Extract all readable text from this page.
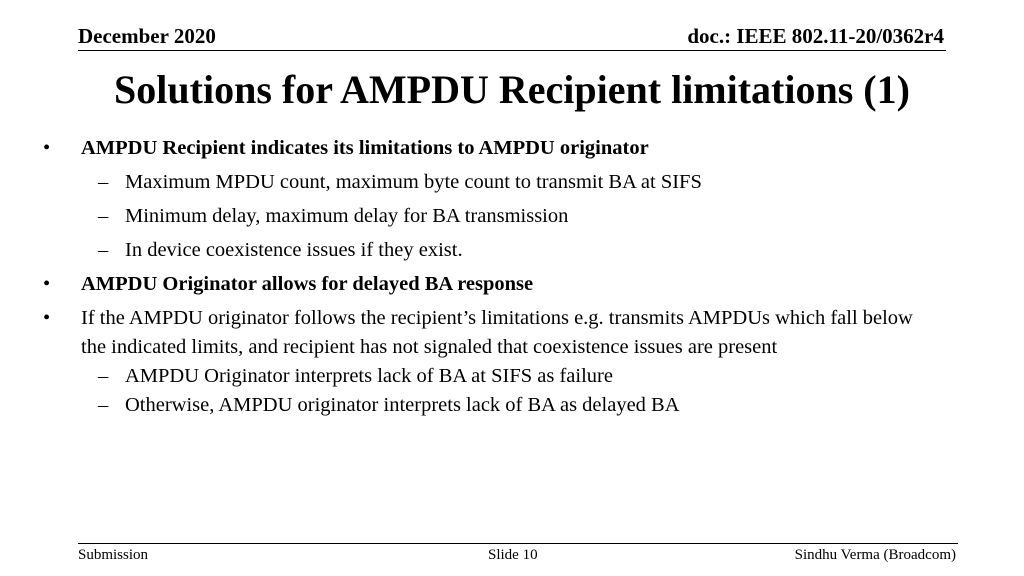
December 2020	doc.: IEEE 802.11-20/0362r4
Solutions for AMPDU Recipient limitations (1)
• AMPDU Recipient indicates its limitations to AMPDU originator
– Maximum MPDU count, maximum byte count to transmit BA at SIFS
– Minimum delay, maximum delay for BA transmission
– In device coexistence issues if they exist.
• AMPDU Originator allows for delayed BA response
• If the AMPDU originator follows the recipient’s limitations e.g. transmits AMPDUs which fall below the indicated limits, and recipient has not signaled that coexistence issues are present
– AMPDU Originator interprets lack of BA at SIFS as failure
– Otherwise, AMPDU originator interprets lack of BA as delayed BA
Submission	Slide 10	Sindhu Verma (Broadcom)
